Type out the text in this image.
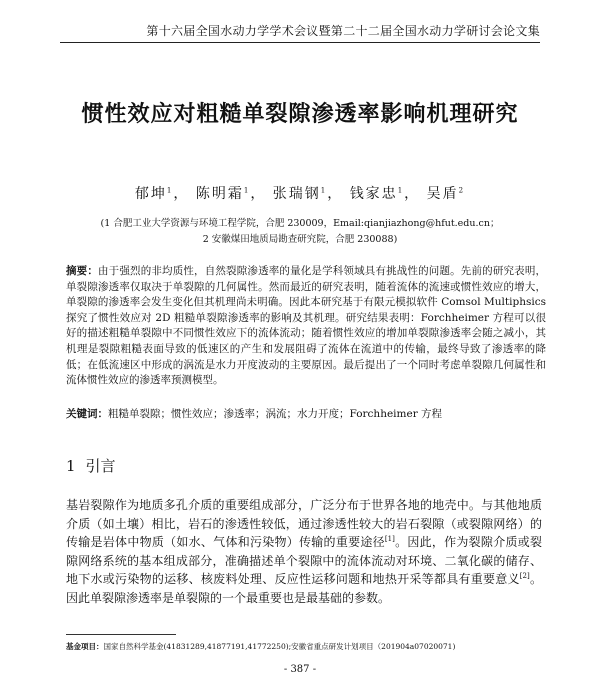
第十六届全国水动力学学术会议暨第二十二届全国水动力学研讨会论文集
惯性效应对粗糙单裂隙渗透率影响机理研究
郁坤$^1$， 陈明霜$^1$， 张瑞钢$^1$， 钱家忠$^1$， 吴盾$^2$
(1 合肥工业大学资源与环境工程学院，合肥 230009，Email:qianjiazhong@hfut.edu.cn；
2 安徽煤田地质局勘查研究院，合肥 230088)
摘要：由于强烈的非均质性，自然裂隙渗透率的量化是学科领域具有挑战性的问题。先前的研究表明，单裂隙渗透率仅取决于单裂隙的几何属性。然而最近的研究表明，随着流体的流速或惯性效应的增大，单裂隙的渗透率会发生变化但其机理尚未明确。因此本研究基于有限元模拟软件 Comsol Multiphsics 探究了惯性效应对 2D 粗糙单裂隙渗透率的影响及其机理。研究结果表明：Forchheimer 方程可以很好的描述粗糙单裂隙中不同惯性效应下的流体流动；随着惯性效应的增加单裂隙渗透率会随之减小，其机理是裂隙粗糙表面导致的低速区的产生和发展阻碍了流体在流道中的传输，最终导致了渗透率的降低；在低流速区中形成的涡流是水力开度波动的主要原因。最后提出了一个同时考虑单裂隙几何属性和流体惯性效应的渗透率预测模型。
关键词：粗糙单裂隙；惯性效应；渗透率；涡流；水力开度；Forchheimer 方程
1 引言
基岩裂隙作为地质多孔介质的重要组成部分，广泛分布于世界各地的地壳中。与其他地质介质（如土壤）相比，岩石的渗透性较低，通过渗透性较大的岩石裂隙（或裂隙网络）的传输是岩体中物质（如水、气体和污染物）传输的重要途径[1]。因此，作为裂隙介质或裂隙网络系统的基本组成部分，准确描述单个裂隙中的流体流动对环境、二氧化碳的储存、地下水或污染物的运移、核废料处理、反应性运移问题和地热开采等都具有重要意义[2]。因此单裂隙渗透率是单裂隙的一个最重要也是最基础的参数。
基金项目：国家自然科学基金(41831289,41877191,41772250);安徽省重点研发计划项目（201904a07020071)
- 387 -
